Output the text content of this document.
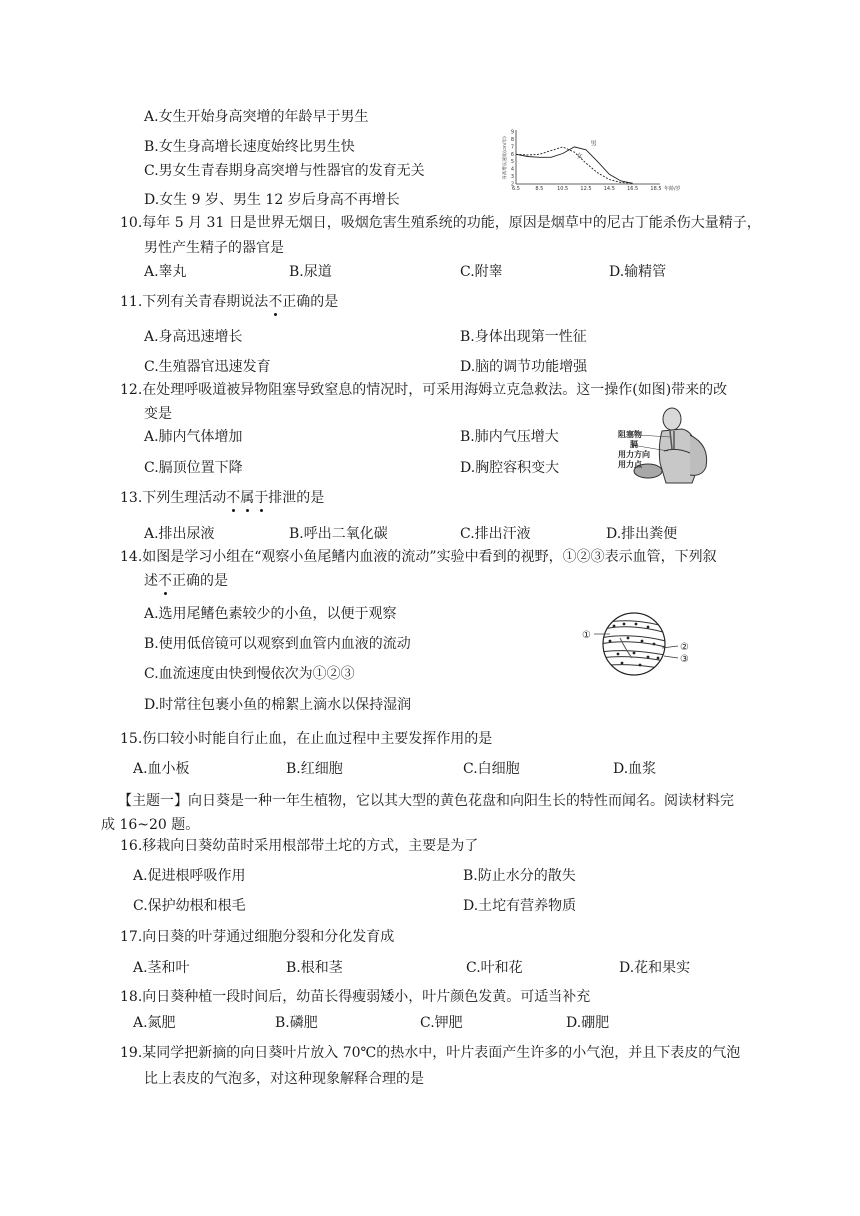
A.女生开始身高突增的年龄早于男生
B.女生身高增长速度始终比男生快
C.男女生青春期身高突增与性器官的发育无关
D.女生 9 岁、男生 12 岁后身高不再增长
6.5	8.5	10.5 12.5 14.5 16.5 18.5
2
3
4
5
6
7
8
9
年龄/岁
身高增长速度(cm/年)	男
女
10.每年 5 月 31 日是世界无烟日，吸烟危害生殖系统的功能，原因是烟草中的尼古丁能杀伤大量精子，
男性产生精子的器官是
A.睾丸	B.尿道	C.附睾	D.输精管
11.下列有关青春期说法不正确的是
A.身高迅速增长	B.身体出现第一性征
C.生殖器官迅速发育	D.脑的调节功能增强
12.在处理呼吸道被异物阻塞导致窒息的情况时，可采用海姆立克急救法。这一操作(如图)带来的改
变是
A.肺内气体增加	B.肺内气压增大
C.膈顶位置下降	D.胸腔容积变大
阻塞物
膈
用力方向
用力点
13.下列生理活动不属于排泄的是
A.排出尿液	B.呼出二氧化碳	C.排出汗液	D.排出粪便
14.如图是学习小组在“观察小鱼尾鳍内血液的流动”实验中看到的视野，①②③表示血管，下列叙
述不正确的是
A.选用尾鳍色素较少的小鱼，以便于观察
B.使用低倍镜可以观察到血管内血液的流动
C.血流速度由快到慢依次为①②③
D.时常往包裹小鱼的棉絮上滴水以保持湿润
①
②
③
15.伤口较小时能自行止血，在止血过程中主要发挥作用的是
A.血小板	B.红细胞	C.白细胞	D.血浆
【主题一】向日葵是一种一年生植物，它以其大型的黄色花盘和向阳生长的特性而闻名。阅读材料完
成 16~20 题。
16.移栽向日葵幼苗时采用根部带土坨的方式，主要是为了
A.促进根呼吸作用	B.防止水分的散失
C.保护幼根和根毛	D.土坨有营养物质
17.向日葵的叶芽通过细胞分裂和分化发育成
A.茎和叶	B.根和茎	C.叶和花	D.花和果实
18.向日葵种植一段时间后，幼苗长得瘦弱矮小，叶片颜色发黄。可适当补充
A.氮肥	B.磷肥	C.钾肥	D.硼肥
19.某同学把新摘的向日葵叶片放入 70℃的热水中，叶片表面产生许多的小气泡，并且下表皮的气泡
比上表皮的气泡多，对这种现象解释合理的是
